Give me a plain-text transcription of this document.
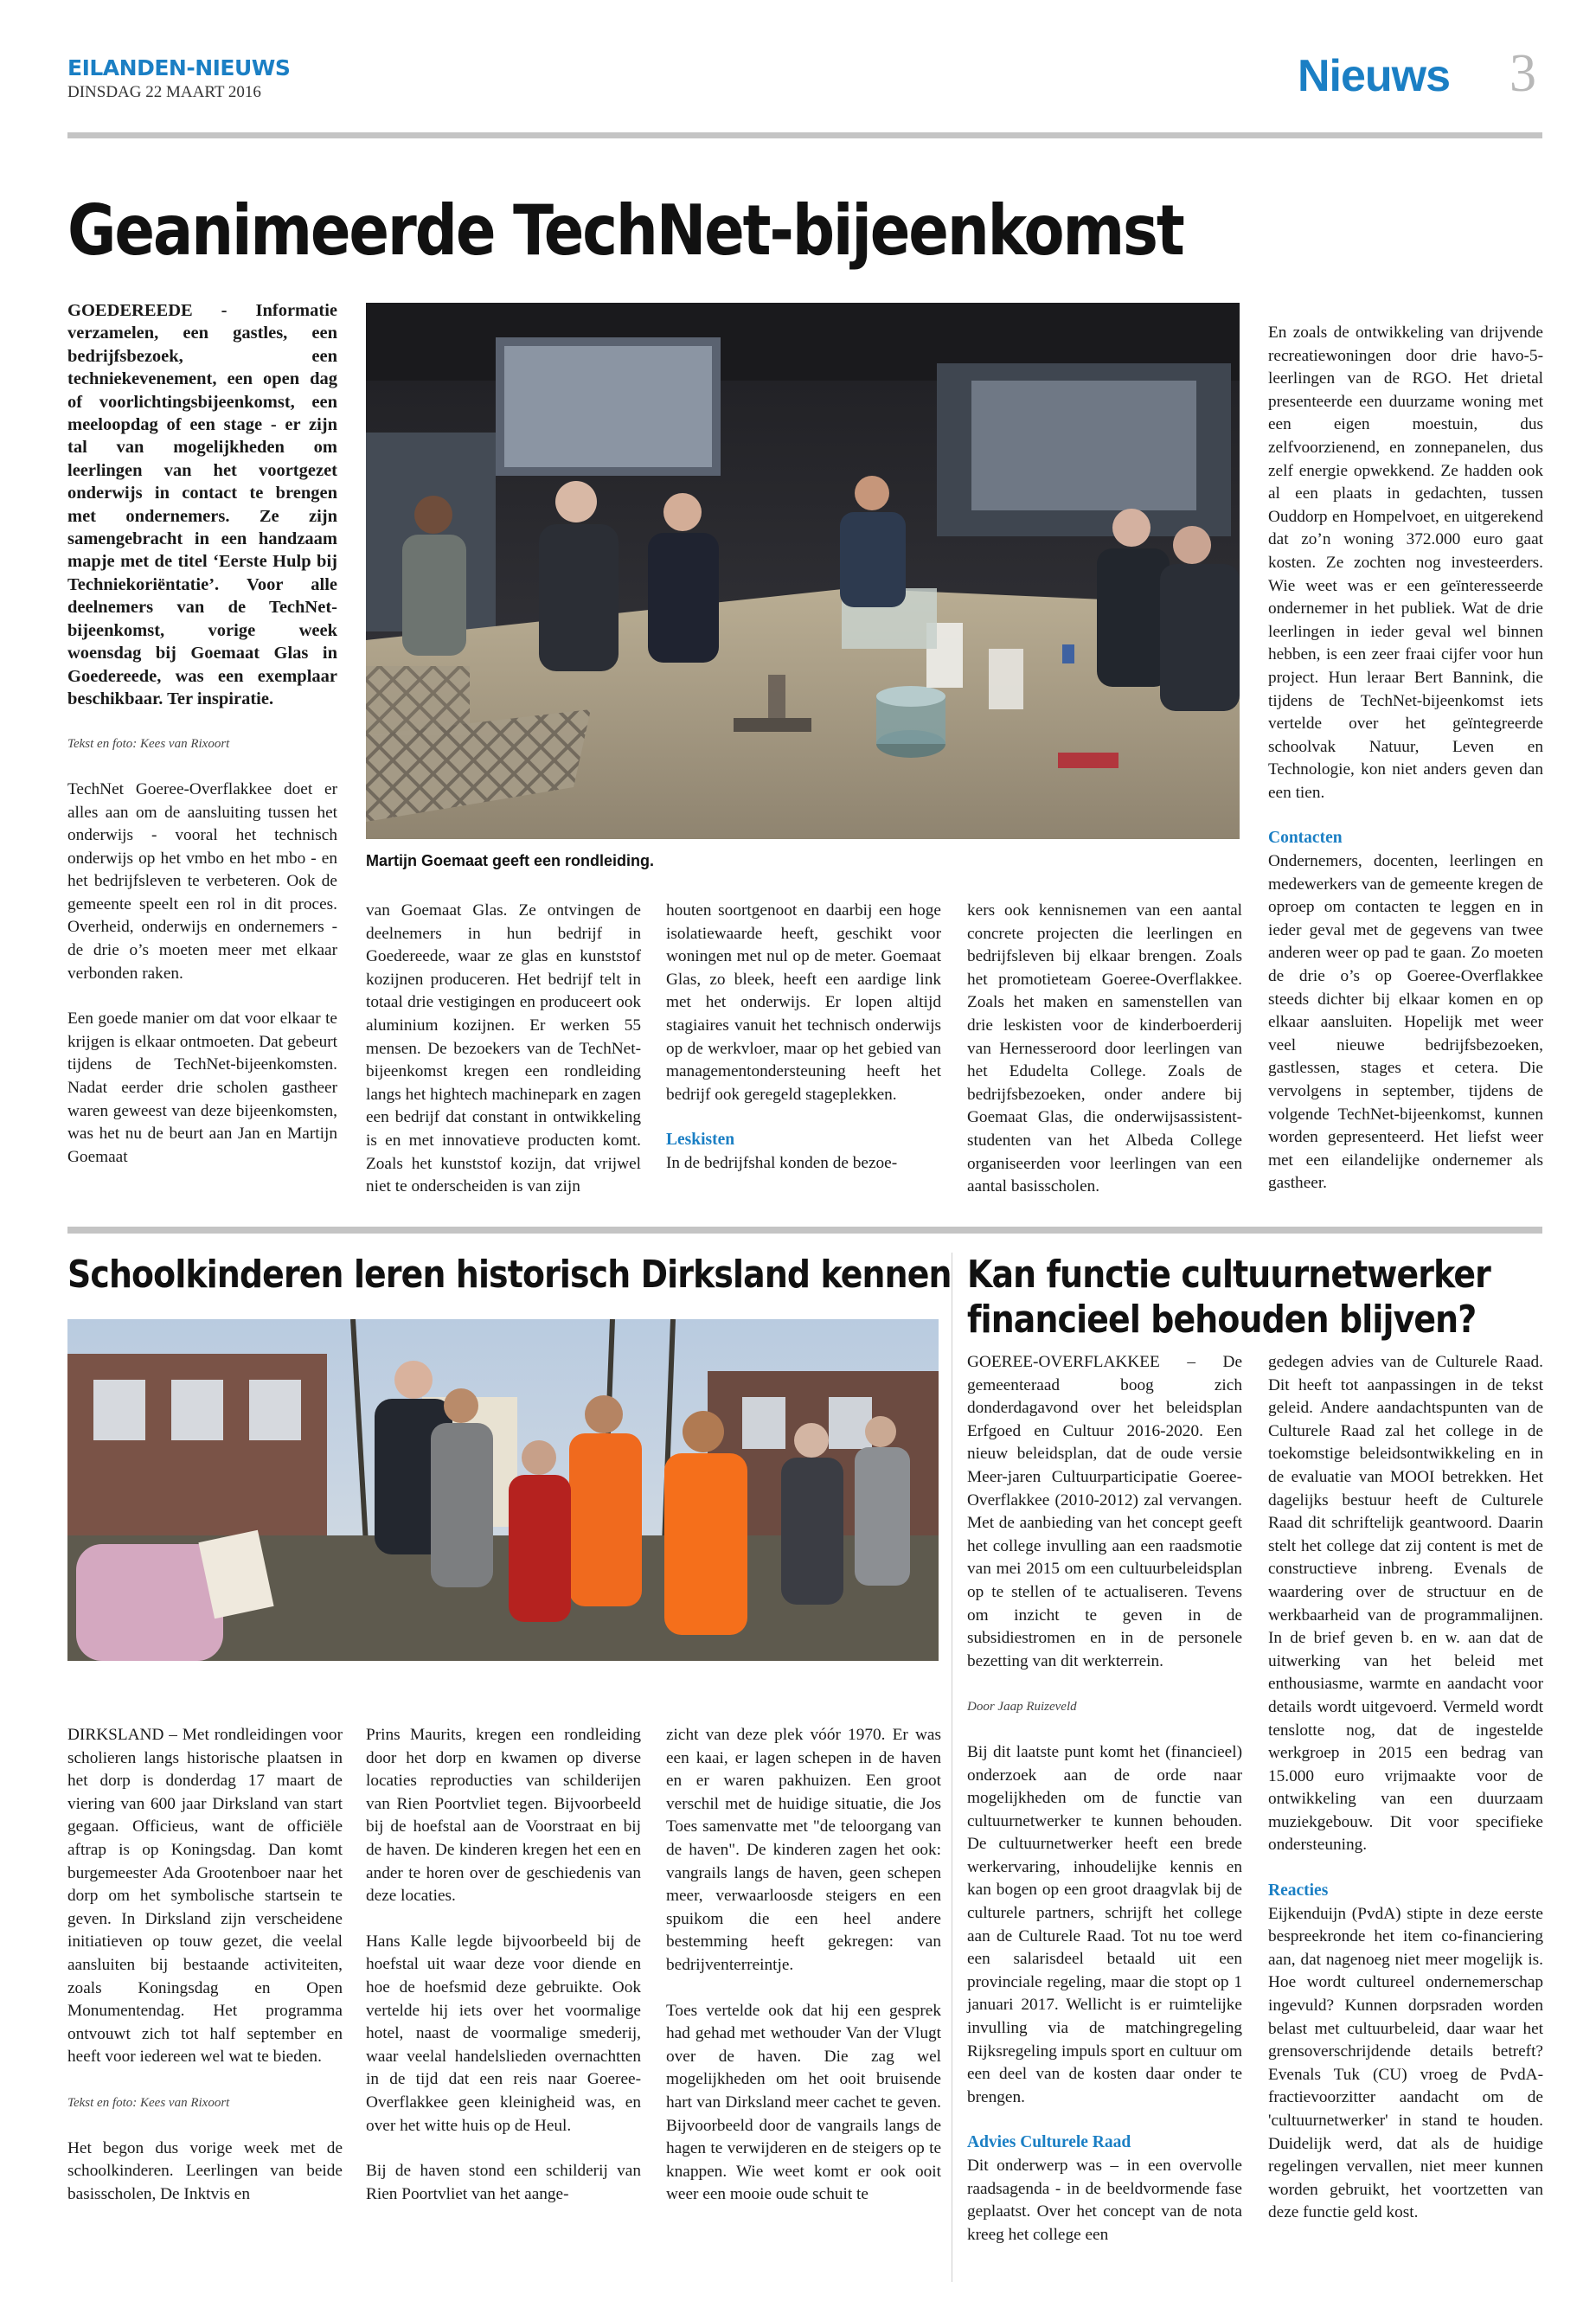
EILANDEN-NIEUWS
DINSDAG 22 MAART 2016	Nieuws 3
Geanimeerde TechNet-bijeenkomst

GOEDEREEDE - Informatie verzamelen, een gastles, een bedrijfsbezoek, een techniekevenement, een open dag of voorlichtingsbijeenkomst, een meeloopdag of een stage - er zijn tal van mogelijkheden om leerlingen van het voortgezet onderwijs in contact te brengen met ondernemers. Ze zijn samengebracht in een handzaam mapje met de titel ‘Eerste Hulp bij Techniekoriëntatie’. Voor alle deelnemers van de TechNet-bijeenkomst, vorige week woensdag bij Goemaat Glas in Goedereede, was een exemplaar beschikbaar. Ter inspiratie.

Tekst en foto: Kees van Rixoort

TechNet Goeree-Overflakkee doet er alles aan om de aansluiting tussen het onderwijs - vooral het technisch onderwijs op het vmbo en het mbo - en het bedrijfsleven te verbeteren. Ook de gemeente speelt een rol in dit proces. Overheid, onderwijs en ondernemers - de drie o’s moeten meer met elkaar verbonden raken.

Een goede manier om dat voor elkaar te krijgen is elkaar ontmoeten. Dat gebeurt tijdens de TechNet-bijeenkomsten. Nadat eerder drie scholen gastheer waren geweest van deze bijeenkomsten, was het nu de beurt aan Jan en Martijn Goemaat

Martijn Goemaat geeft een rondleiding.

van Goemaat Glas. Ze ontvingen de deelnemers in hun bedrijf in Goedereede, waar ze glas en kunststof kozijnen produceren. Het bedrijf telt in totaal drie vestigingen en produceert ook aluminium kozijnen. Er werken 55 mensen. De bezoekers van de TechNet-bijeenkomst kregen een rondleiding langs het hightech machinepark en zagen een bedrijf dat constant in ontwikkeling is en met innovatieve producten komt. Zoals het kunststof kozijn, dat vrijwel niet te onderscheiden is van zijn

houten soortgenoot en daarbij een hoge isolatiewaarde heeft, geschikt voor woningen met nul op de meter. Goemaat Glas, zo bleek, heeft een aardige link met het onderwijs. Er lopen altijd stagiaires vanuit het technisch onderwijs op de werkvloer, maar op het gebied van managementondersteuning heeft het bedrijf ook geregeld stageplekken.

Leskisten

In de bedrijfshal konden de bezoe-

kers ook kennisnemen van een aantal concrete projecten die leerlingen en bedrijfsleven bij elkaar brengen. Zoals het promotieteam Goeree-Overflakkee. Zoals het maken en samenstellen van drie leskisten voor de kinderboerderij van Hernesseroord door leerlingen van het Edudelta College. Zoals de bedrijfsbezoeken, onder andere bij Goemaat Glas, die onderwijsassistent-studenten van het Albeda College organiseerden voor leerlingen van een aantal basisscholen.

En zoals de ontwikkeling van drijvende recreatiewoningen door drie havo-5-leerlingen van de RGO. Het drietal presenteerde een duurzame woning met een eigen moestuin, dus zelfvoorzienend, en zonnepanelen, dus zelf energie opwekkend. Ze hadden ook al een plaats in gedachten, tussen Ouddorp en Hompelvoet, en uitgerekend dat zo’n woning 372.000 euro gaat kosten. Ze zochten nog investeerders. Wie weet was er een geïnteresseerde ondernemer in het publiek. Wat de drie leerlingen in ieder geval wel binnen hebben, is een zeer fraai cijfer voor hun project. Hun leraar Bert Bannink, die tijdens de TechNet-bijeenkomst iets vertelde over het geïntegreerde schoolvak Natuur, Leven en Technologie, kon niet anders geven dan een tien.

Contacten

Ondernemers, docenten, leerlingen en medewerkers van de gemeente kregen de oproep om contacten te leggen en in ieder geval met de gegevens van twee anderen weer op pad te gaan. Zo moeten de drie o’s op Goeree-Overflakkee steeds dichter bij elkaar komen en op elkaar aansluiten. Hopelijk met weer veel nieuwe bedrijfsbezoeken, gastlessen, stages et cetera. Die vervolgens in september, tijdens de volgende TechNet-bijeenkomst, kunnen worden gepresenteerd. Het liefst weer met een eilandelijke ondernemer als gastheer.

Schoolkinderen leren historisch Dirksland kennen

DIRKSLAND – Met rondleidingen voor scholieren langs historische plaatsen in het dorp is donderdag 17 maart de viering van 600 jaar Dirksland van start gegaan. Officieus, want de officiële aftrap is op Koningsdag. Dan komt burgemeester Ada Grootenboer naar het dorp om het symbolische startsein te geven. In Dirksland zijn verscheidene initiatieven op touw gezet, die veelal aansluiten bij bestaande activiteiten, zoals Koningsdag en Open Monumentendag. Het programma ontvouwt zich tot half september en heeft voor iedereen wel wat te bieden.

Tekst en foto: Kees van Rixoort

Het begon dus vorige week met de schoolkinderen. Leerlingen van beide basisscholen, De Inktvis en

Prins Maurits, kregen een rondleiding door het dorp en kwamen op diverse locaties reproducties van schilderijen van Rien Poortvliet tegen. Bijvoorbeeld bij de hoefstal aan de Voorstraat en bij de haven. De kinderen kregen het een en ander te horen over de geschiedenis van deze locaties.

Hans Kalle legde bijvoorbeeld bij de hoefstal uit waar deze voor diende en hoe de hoefsmid deze gebruikte. Ook vertelde hij iets over het voormalige hotel, naast de voormalige smederij, waar veelal handelslieden overnachtten in de tijd dat een reis naar Goeree-Overflakkee geen kleinigheid was, en over het witte huis op de Heul.

Bij de haven stond een schilderij van Rien Poortvliet van het aange-

zicht van deze plek vóór 1970. Er was een kaai, er lagen schepen in de haven en er waren pakhuizen. Een groot verschil met de huidige situatie, die Jos Toes samenvatte met "de teloorgang van de haven". De kinderen zagen het ook: vangrails langs de haven, geen schepen meer, verwaarloosde steigers en een spuikom die een heel andere bestemming heeft gekregen: van bedrijventerreintje.

Toes vertelde ook dat hij een gesprek had gehad met wethouder Van der Vlugt over de haven. Die zag wel mogelijkheden om het ooit bruisende hart van Dirksland meer cachet te geven. Bijvoorbeeld door de vangrails langs de hagen te verwijderen en de steigers op te knappen. Wie weet komt er ook ooit weer een mooie oude schuit te

Kan functie cultuurnetwerker
financieel behouden blijven?

GOEREE-OVERFLAKKEE – De gemeenteraad boog zich donderdagavond over het beleidsplan Erfgoed en Cultuur 2016-2020. Een nieuw beleidsplan, dat de oude versie Meer-jaren Cultuurparticipatie Goeree-Overflakkee (2010-2012) zal vervangen. Met de aanbieding van het concept geeft het college invulling aan een raadsmotie van mei 2015 om een cultuurbeleidsplan op te stellen of te actualiseren. Tevens om inzicht te geven in de subsidiestromen en in de personele bezetting van dit werkterrein.

Door Jaap Ruizeveld

Bij dit laatste punt komt het (financieel) onderzoek aan de orde naar mogelijkheden om de functie van cultuurnetwerker te kunnen behouden. De cultuurnetwerker heeft een brede werkervaring, inhoudelijke kennis en kan bogen op een groot draagvlak bij de culturele partners, schrijft het college aan de Culturele Raad. Tot nu toe werd een salarisdeel betaald uit een provinciale regeling, maar die stopt op 1 januari 2017. Wellicht is er ruimtelijke invulling via de matchingregeling Rijksregeling impuls sport en cultuur om een deel van de kosten daar onder te brengen.

Advies Culturele Raad

Dit onderwerp was – in een overvolle raadsagenda - in de beeldvormende fase geplaatst. Over het concept van de nota kreeg het college een

gedegen advies van de Culturele Raad. Dit heeft tot aanpassingen in de tekst geleid. Andere aandachtspunten van de Culturele Raad zal het college in de toekomstige beleidsontwikkeling en in de evaluatie van MOOI betrekken. Het dagelijks bestuur heeft de Culturele Raad dit schriftelijk geantwoord. Daarin stelt het college dat zij content is met de constructieve inbreng. Evenals de waardering over de structuur en de werkbaarheid van de programmalijnen. In de brief geven b. en w. aan dat de uitwerking van het beleid met enthousiasme, warmte en aandacht voor details wordt uitgevoerd. Vermeld wordt tenslotte nog, dat de ingestelde werkgroep in 2015 een bedrag van 15.000 euro vrijmaakte voor de ontwikkeling van een duurzaam muziekgebouw. Dit voor specifieke ondersteuning.

Reacties

Eijkenduijn (PvdA) stipte in deze eerste bespreekronde het item co-financiering aan, dat nagenoeg niet meer mogelijk is. Hoe wordt cultureel ondernemerschap ingevuld? Kunnen dorpsraden worden belast met cultuurbeleid, daar waar het grensoverschrijdende details betreft? Evenals Tuk (CU) vroeg de PvdA-fractievoorzitter aandacht om de 'cultuurnetwerker' in stand te houden. Duidelijk werd, dat als de huidige regelingen vervallen, niet meer kunnen worden gebruikt, het voortzetten van deze functie geld kost.
